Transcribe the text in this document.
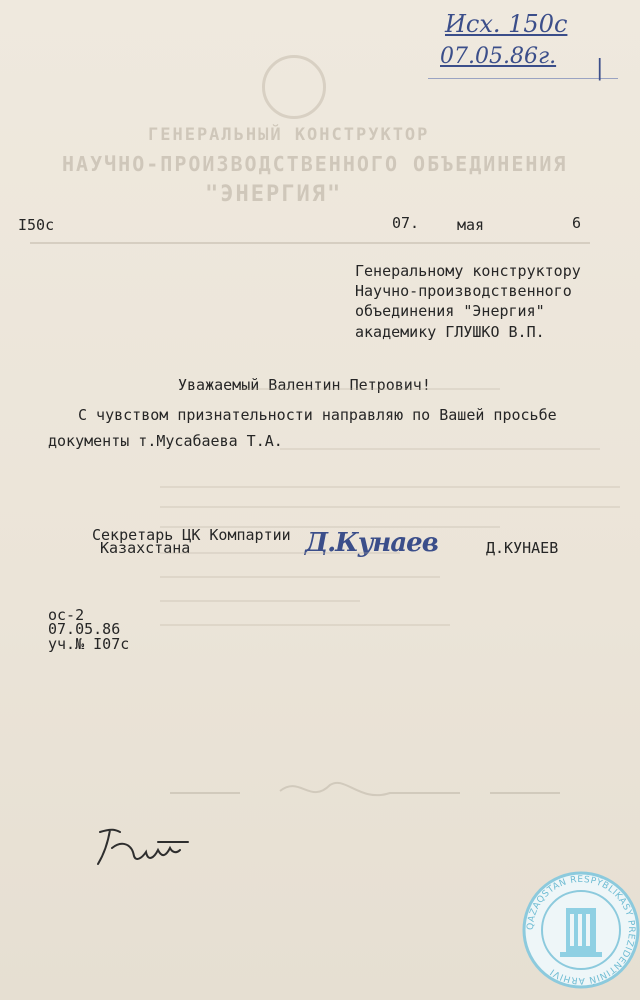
ГЕНЕРАЛЬНЫЙ КОНСТРУКТОР
НАУЧНО-ПРОИЗВОДСТВЕННОГО ОБЪЕДИНЕНИЯ
"ЭНЕРГИЯ"
Исх. 150с
07.05.86г. |
I50c	07.	мая	6
Генеральному конструктору
Научно-производственного
объединения "Энергия"
академику ГЛУШКО В.П.
Уважаемый Валентин Петрович!
С чувством признательности направляю по Вашей просьбе
документы т.Мусабаева Т.А.
Секретарь ЦК Компартии
Казахстана	Д.Кунаев	Д.КУНАЕВ
ос-2
07.05.86
уч.№ I07с
QAZAQSTAN RESPÝBLIKASY PREZIDENTINIŃ ARHIVI
